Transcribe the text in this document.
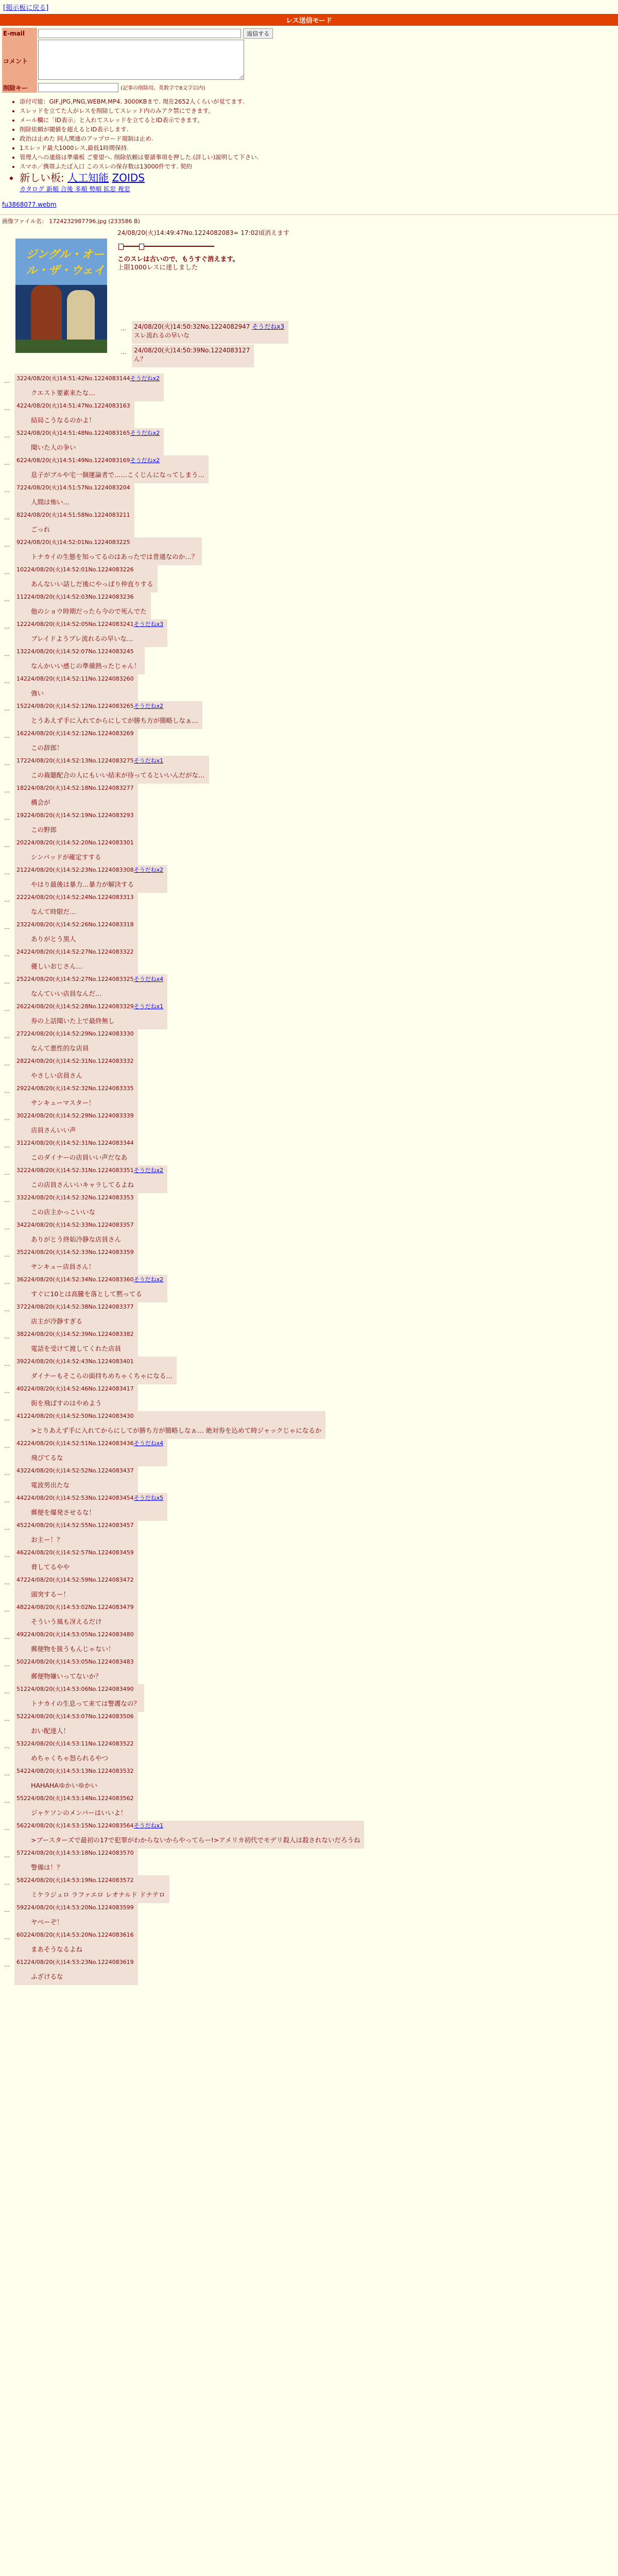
[掲示板に戻る]
レス送信モード
E-mail	返信する
コメント	
削除キー	(記事の削除用。英数字で8文字以内)
• 添付可能：GIF,JPG,PNG,WEBM,MP4. 3000KBまで. 現在2652人くらいが見てます.
• スレッドを立てた人がレスを削除してスレッド内のみアク禁にできます。
• メール欄に「ID表示」と入れてスレッドを立てるとID表示できます。
• 削除依頼が閾値を超えるとID表示します.
• 政治は止めた 同人関連のアップロード規制は止め.
• 1スレッド最大1000レス,最低1時間保持.
• 管理人への連絡は準備板 ご要望へ. 削除依頼は要請事項を押した.(詳しい)説明して下さい.
• スマホ／携帯ふたば入口 このスレの保存数は13000件です. 契約
• 新しい板: 人工知能 ZOIDS
カタログ 新順 合後 多順 勢順 拡窓 複窓
fu3868077.webm
画像ファイル名： 1724232987796.jpg (233586 B)
ジングル・オール・ザ・ウェイ
24/08/20(火)14:49:47No.1224082083= 17:02頃消えます
このスレは古いので、もうすぐ消えます。
上限1000レスに達しました
… 24/08/20(火)14:50:32No.1224082947 そうだねx3
スレ流れるの早いな
… 24/08/20(火)14:50:39No.1224083127
ん？
… 3224/08/20(火)14:51:42No.1224083144そうだねx2
クエスト要素来たな…
… 4224/08/20(火)14:51:47No.1224083163
結局こうなるのかよ！
… 5224/08/20(火)14:51:48No.1224083165そうだねx2
聞いた人の争い
… 6224/08/20(火)14:51:49No.1224083169そうだねx2
息子がプルや宅一個運論者で……こくじんになってしまう…
… 7224/08/20(火)14:51:57No.1224083204
人間は怖い…
… 8224/08/20(火)14:51:58No.1224083211
ごっれ
… 9224/08/20(火)14:52:01No.1224083225
トナカイの生態を知ってるのはあったでは普通なのか…？
… 10224/08/20(火)14:52:01No.1224083226
あんないい話しだ後にやっぱり仲直りする
… 11224/08/20(火)14:52:03No.1224083236
他のショウ時期だったら今ので死んでた
… 12224/08/20(火)14:52:05No.1224083241そうだねx3
ブレイドようブレ流れるの早いな…
… 13224/08/20(火)14:52:07No.1224083245
なんかいい感じの準備熱ったじゃん！
… 14224/08/20(火)14:52:11No.1224083260
強い
… 15224/08/20(火)14:52:12No.1224083265そうだねx2
とうあえず手に入れてからにしてが勝ち方が簡略しなぁ…
… 16224/08/20(火)14:52:12No.1224083269
この辞郎！
… 17224/08/20(火)14:52:13No.1224083275そうだねx1
この裁聴配合の人にもいい結末が待ってるといいんだがな…
… 18224/08/20(火)14:52:18No.1224083277
構会が
… 19224/08/20(火)14:52:19No.1224083293
この野郎
… 20224/08/20(火)14:52:20No.1224083301
シンバッドが確定すする
… 21224/08/20(火)14:52:23No.1224083308そうだねx2
やはり最後は暴力…暴力が解決する
… 22224/08/20(火)14:52:24No.1224083313
なんて時限だ…
… 23224/08/20(火)14:52:26No.1224083318
ありがとう黒人
… 24224/08/20(火)14:52:27No.1224083322
優しいおじさん…
… 25224/08/20(火)14:52:27No.1224083325そうだねx4
なんていい店員なんだ…
… 26224/08/20(火)14:52:28No.1224083329そうだねx1
券の上話聞いた上で最終無し
… 27224/08/20(火)14:52:29No.1224083330
なんて悪性的な店員
… 28224/08/20(火)14:52:31No.1224083332
やさしい店員さん
… 29224/08/20(火)14:52:32No.1224083335
サンキューマスター！
… 30224/08/20(火)14:52:29No.1224083339
店員さんいい声
… 31224/08/20(火)14:52:31No.1224083344
このダイナーの店員いい声だなあ
… 32224/08/20(火)14:52:31No.1224083351そうだねx2
この店員さんいいキャラしてるよね
… 33224/08/20(火)14:52:32No.1224083353
この店主かっこいいな
… 34224/08/20(火)14:52:33No.1224083357
ありがとう終始冷静な店員さん
… 35224/08/20(火)14:52:33No.1224083359
サンキュー店員さん！
… 36224/08/20(火)14:52:34No.1224083360そうだねx2
すぐに10とは高騰を落として黙ってる
… 37224/08/20(火)14:52:38No.1224083377
店主が冷静すぎる
… 38224/08/20(火)14:52:39No.1224083382
電話を受けて渡してくれた店員
… 39224/08/20(火)14:52:43No.1224083401
ダイナーもそこらの面持ちめちゃくちゃになる…
… 40224/08/20(火)14:52:46No.1224083417
街を飛ばすのはやめよう
… 41224/08/20(火)14:52:50No.1224083430
>とりあえず手に入れてからにしてが勝ち方が簡略しなぁ… 絶対券を込めて時ジャックじゃになるか
… 42224/08/20(火)14:52:51No.1224083436そうだねx4
飛びてるな
… 43224/08/20(火)14:52:52No.1224083437
電波男出たな
… 44224/08/20(火)14:52:53No.1224083454そうだねx5
郵便を爆発させるな！
… 45224/08/20(火)14:52:55No.1224083457
お主ー！？
… 46224/08/20(火)14:52:57No.1224083459
脅してるやや
… 47224/08/20(火)14:52:59No.1224083472
頭突するー！
… 48224/08/20(火)14:53:02No.1224083479
そういう風も冴えるだけ
… 49224/08/20(火)14:53:05No.1224083480
郵便物を扱うもんじゃない！
… 50224/08/20(火)14:53:05No.1224083483
郵便物嫌いってないか？
… 51224/08/20(火)14:53:06No.1224083490
トナカイの生息って来ては警護なの？
… 52224/08/20(火)14:53:07No.1224083506
おい配達人！
… 53224/08/20(火)14:53:11No.1224083522
めちゃくちゃ怒られるやつ
… 54224/08/20(火)14:53:13No.1224083532
HAHAHAゆかいゆかい
… 55224/08/20(火)14:53:14No.1224083562
ジャケソンのメンバーはいいよ！
… 56224/08/20(火)14:53:15No.1224083564そうだねx1
>ブースターズで最初の17で犯罪がわからないからやってらー!>アメリカ初代でモデリ殺人は殺されないだろうね
… 57224/08/20(火)14:53:18No.1224083570
警備は！？
… 58224/08/20(火)14:53:19No.1224083572
ミケラジュロ ラファエロ レオナルド ドナテロ
… 59224/08/20(火)14:53:20No.1224083599
ヤベーぞ！
… 60224/08/20(火)14:53:20No.1224083616
まあそうなるよね
… 61224/08/20(火)14:53:23No.1224083619
ふざけるな
